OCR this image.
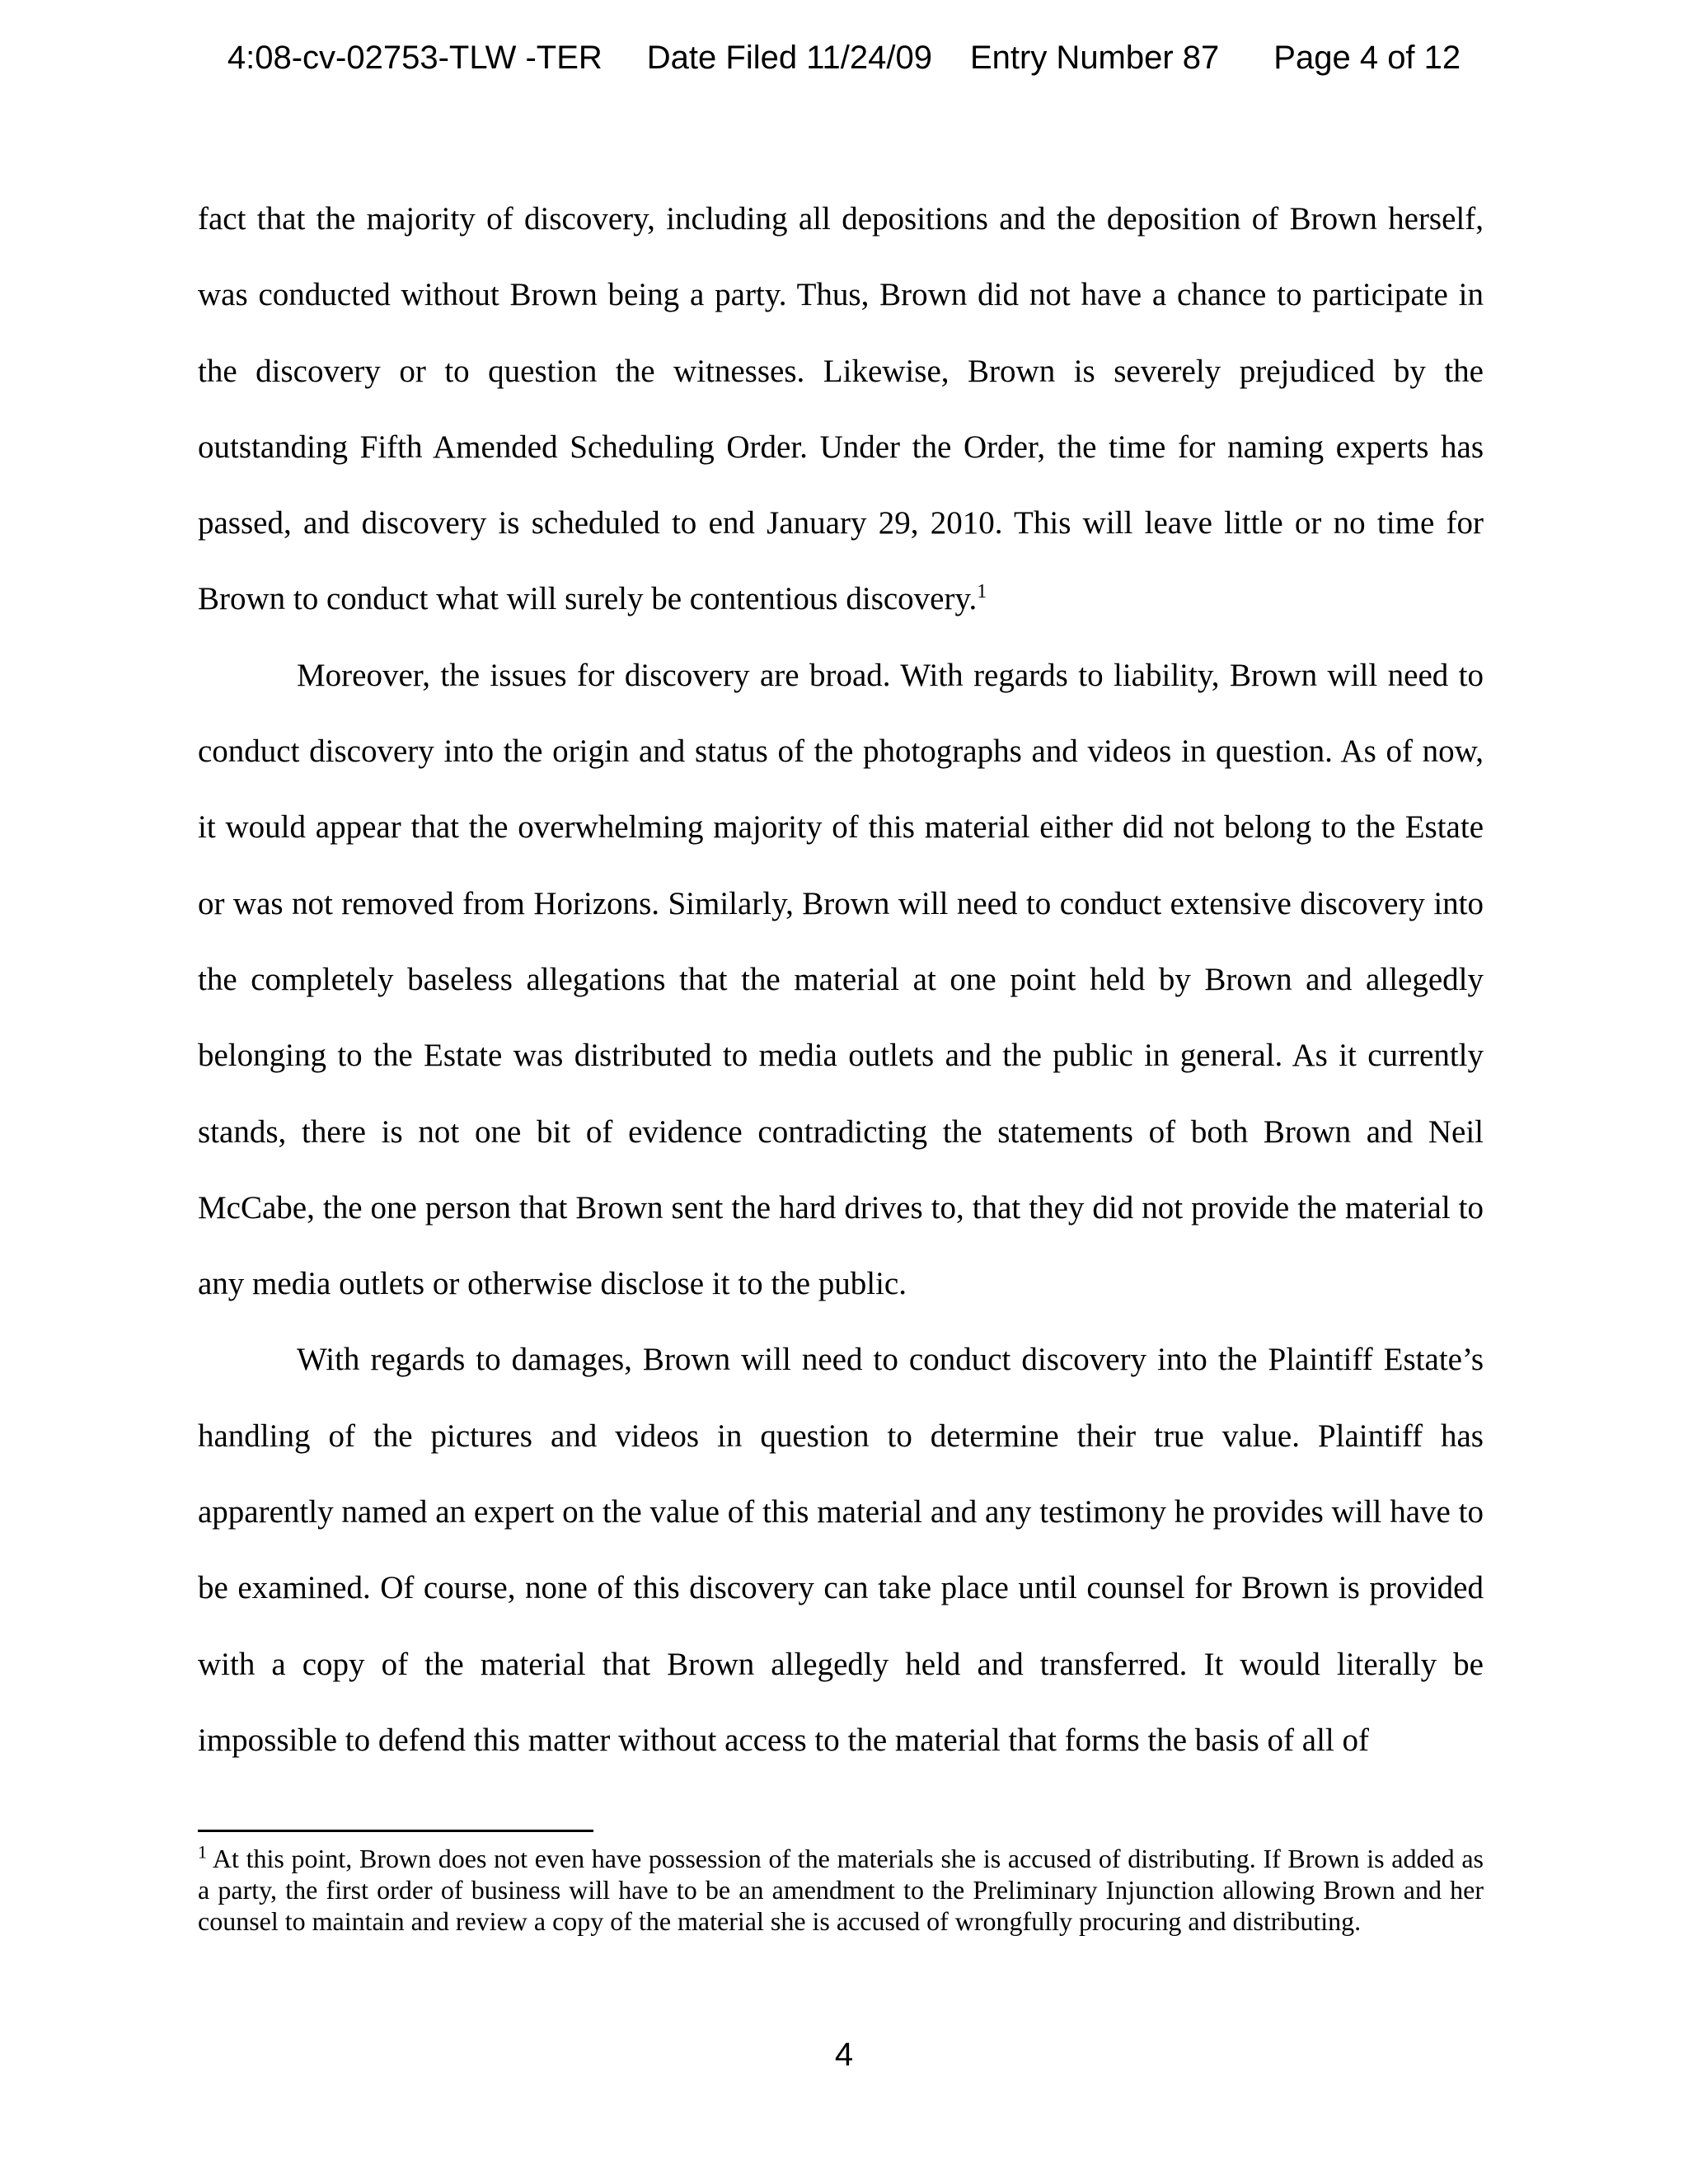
4:08-cv-02753-TLW -TER Date Filed 11/24/09 Entry Number 87 Page 4 of 12

fact that the majority of discovery, including all depositions and the deposition of Brown herself, was conducted without Brown being a party. Thus, Brown did not have a chance to participate in the discovery or to question the witnesses. Likewise, Brown is severely prejudiced by the outstanding Fifth Amended Scheduling Order. Under the Order, the time for naming experts has passed, and discovery is scheduled to end January 29, 2010. This will leave little or no time for Brown to conduct what will surely be contentious discovery.$^1$

Moreover, the issues for discovery are broad. With regards to liability, Brown will need to conduct discovery into the origin and status of the photographs and videos in question. As of now, it would appear that the overwhelming majority of this material either did not belong to the Estate or was not removed from Horizons. Similarly, Brown will need to conduct extensive discovery into the completely baseless allegations that the material at one point held by Brown and allegedly belonging to the Estate was distributed to media outlets and the public in general. As it currently stands, there is not one bit of evidence contradicting the statements of both Brown and Neil McCabe, the one person that Brown sent the hard drives to, that they did not provide the material to any media outlets or otherwise disclose it to the public.

With regards to damages, Brown will need to conduct discovery into the Plaintiff Estate’s handling of the pictures and videos in question to determine their true value. Plaintiff has apparently named an expert on the value of this material and any testimony he provides will have to be examined. Of course, none of this discovery can take place until counsel for Brown is provided with a copy of the material that Brown allegedly held and transferred. It would literally be impossible to defend this matter without access to the material that forms the basis of all of

$^1$ At this point, Brown does not even have possession of the materials she is accused of distributing. If Brown is added as a party, the first order of business will have to be an amendment to the Preliminary Injunction allowing Brown and her counsel to maintain and review a copy of the material she is accused of wrongfully procuring and distributing.
4
